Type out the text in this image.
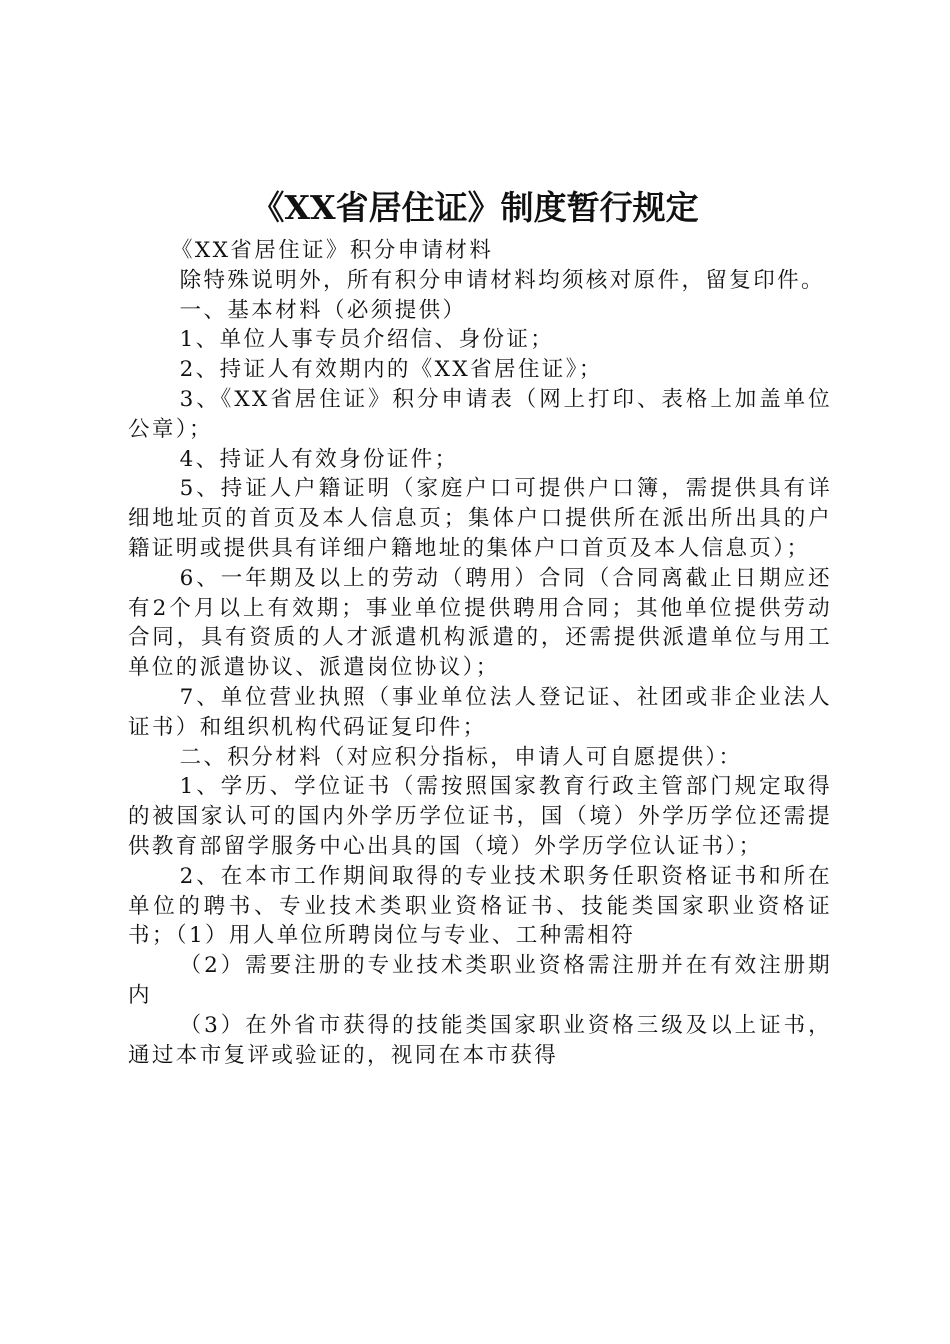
《XX省居住证》制度暂行规定

《XX省居住证》积分申请材料

除特殊说明外，所有积分申请材料均须核对原件，留复印件。

一、基本材料（必须提供）

1、单位人事专员介绍信、身份证；

2、持证人有效期内的《XX省居住证》；

3、《XX省居住证》积分申请表（网上打印、表格上加盖单位公章）；

4、持证人有效身份证件；

5、持证人户籍证明（家庭户口可提供户口簿，需提供具有详细地址页的首页及本人信息页；集体户口提供所在派出所出具的户籍证明或提供具有详细户籍地址的集体户口首页及本人信息页）；

6、一年期及以上的劳动（聘用）合同（合同离截止日期应还有2个月以上有效期；事业单位提供聘用合同；其他单位提供劳动合同，具有资质的人才派遣机构派遣的，还需提供派遣单位与用工单位的派遣协议、派遣岗位协议）；

7、单位营业执照（事业单位法人登记证、社团或非企业法人证书）和组织机构代码证复印件；

二、积分材料（对应积分指标，申请人可自愿提供）：

1、学历、学位证书（需按照国家教育行政主管部门规定取得的被国家认可的国内外学历学位证书，国（境）外学历学位还需提供教育部留学服务中心出具的国（境）外学历学位认证书）；

2、在本市工作期间取得的专业技术职务任职资格证书和所在单位的聘书、专业技术类职业资格证书、技能类国家职业资格证书；（1）用人单位所聘岗位与专业、工种需相符

（2）需要注册的专业技术类职业资格需注册并在有效注册期内

（3）在外省市获得的技能类国家职业资格三级及以上证书，通过本市复评或验证的，视同在本市获得
